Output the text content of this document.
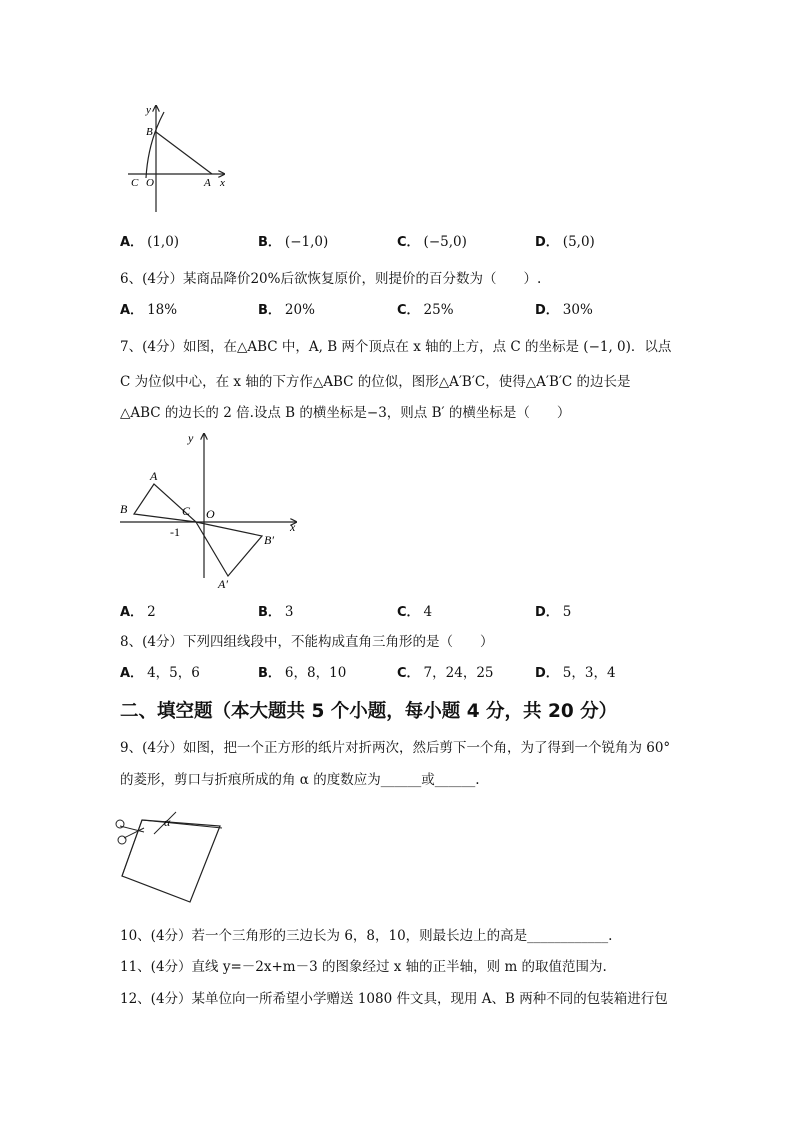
y
B
C O	A x
A． (1,0)	B． (−1,0)	C． (−5,0)	D． (5,0)
6、(4分）某商品降价20%后欲恢复原价，则提价的百分数为（　　）.
A． 18%	B． 20%	C． 25%	D． 30%
7、(4分）如图，在△ABC 中，A, B 两个顶点在 x 轴的上方，点 C 的坐标是 (−1, 0)．以点
C 为位似中心，在 x 轴的下方作△ABC 的位似，图形△A′B′C，使得△A′B′C 的边长是
△ABC 的边长的 2 倍.设点 B 的横坐标是−3，则点 B′ 的横坐标是（　　）
y
A
B	C O
-1	x
B′
A′
A． 2	B． 3	C． 4	D． 5
8、(4分）下列四组线段中，不能构成直角三角形的是（　　）
A． 4，5，6	B． 6，8，10	C． 7，24，25	D． 5，3，4
二、填空题（本大题共 5 个小题，每小题 4 分，共 20 分）
9、(4分）如图，把一个正方形的纸片对折两次，然后剪下一个角，为了得到一个锐角为 60°
的菱形，剪口与折痕所成的角 α 的度数应为______或______.
α
10、(4分）若一个三角形的三边长为 6，8，10，则最长边上的高是____________.
11、(4分）直线 y=－2x+m－3 的图象经过 x 轴的正半轴，则 m 的取值范围为.
12、(4分）某单位向一所希望小学赠送 1080 件文具，现用 A、B 两种不同的包装箱进行包
